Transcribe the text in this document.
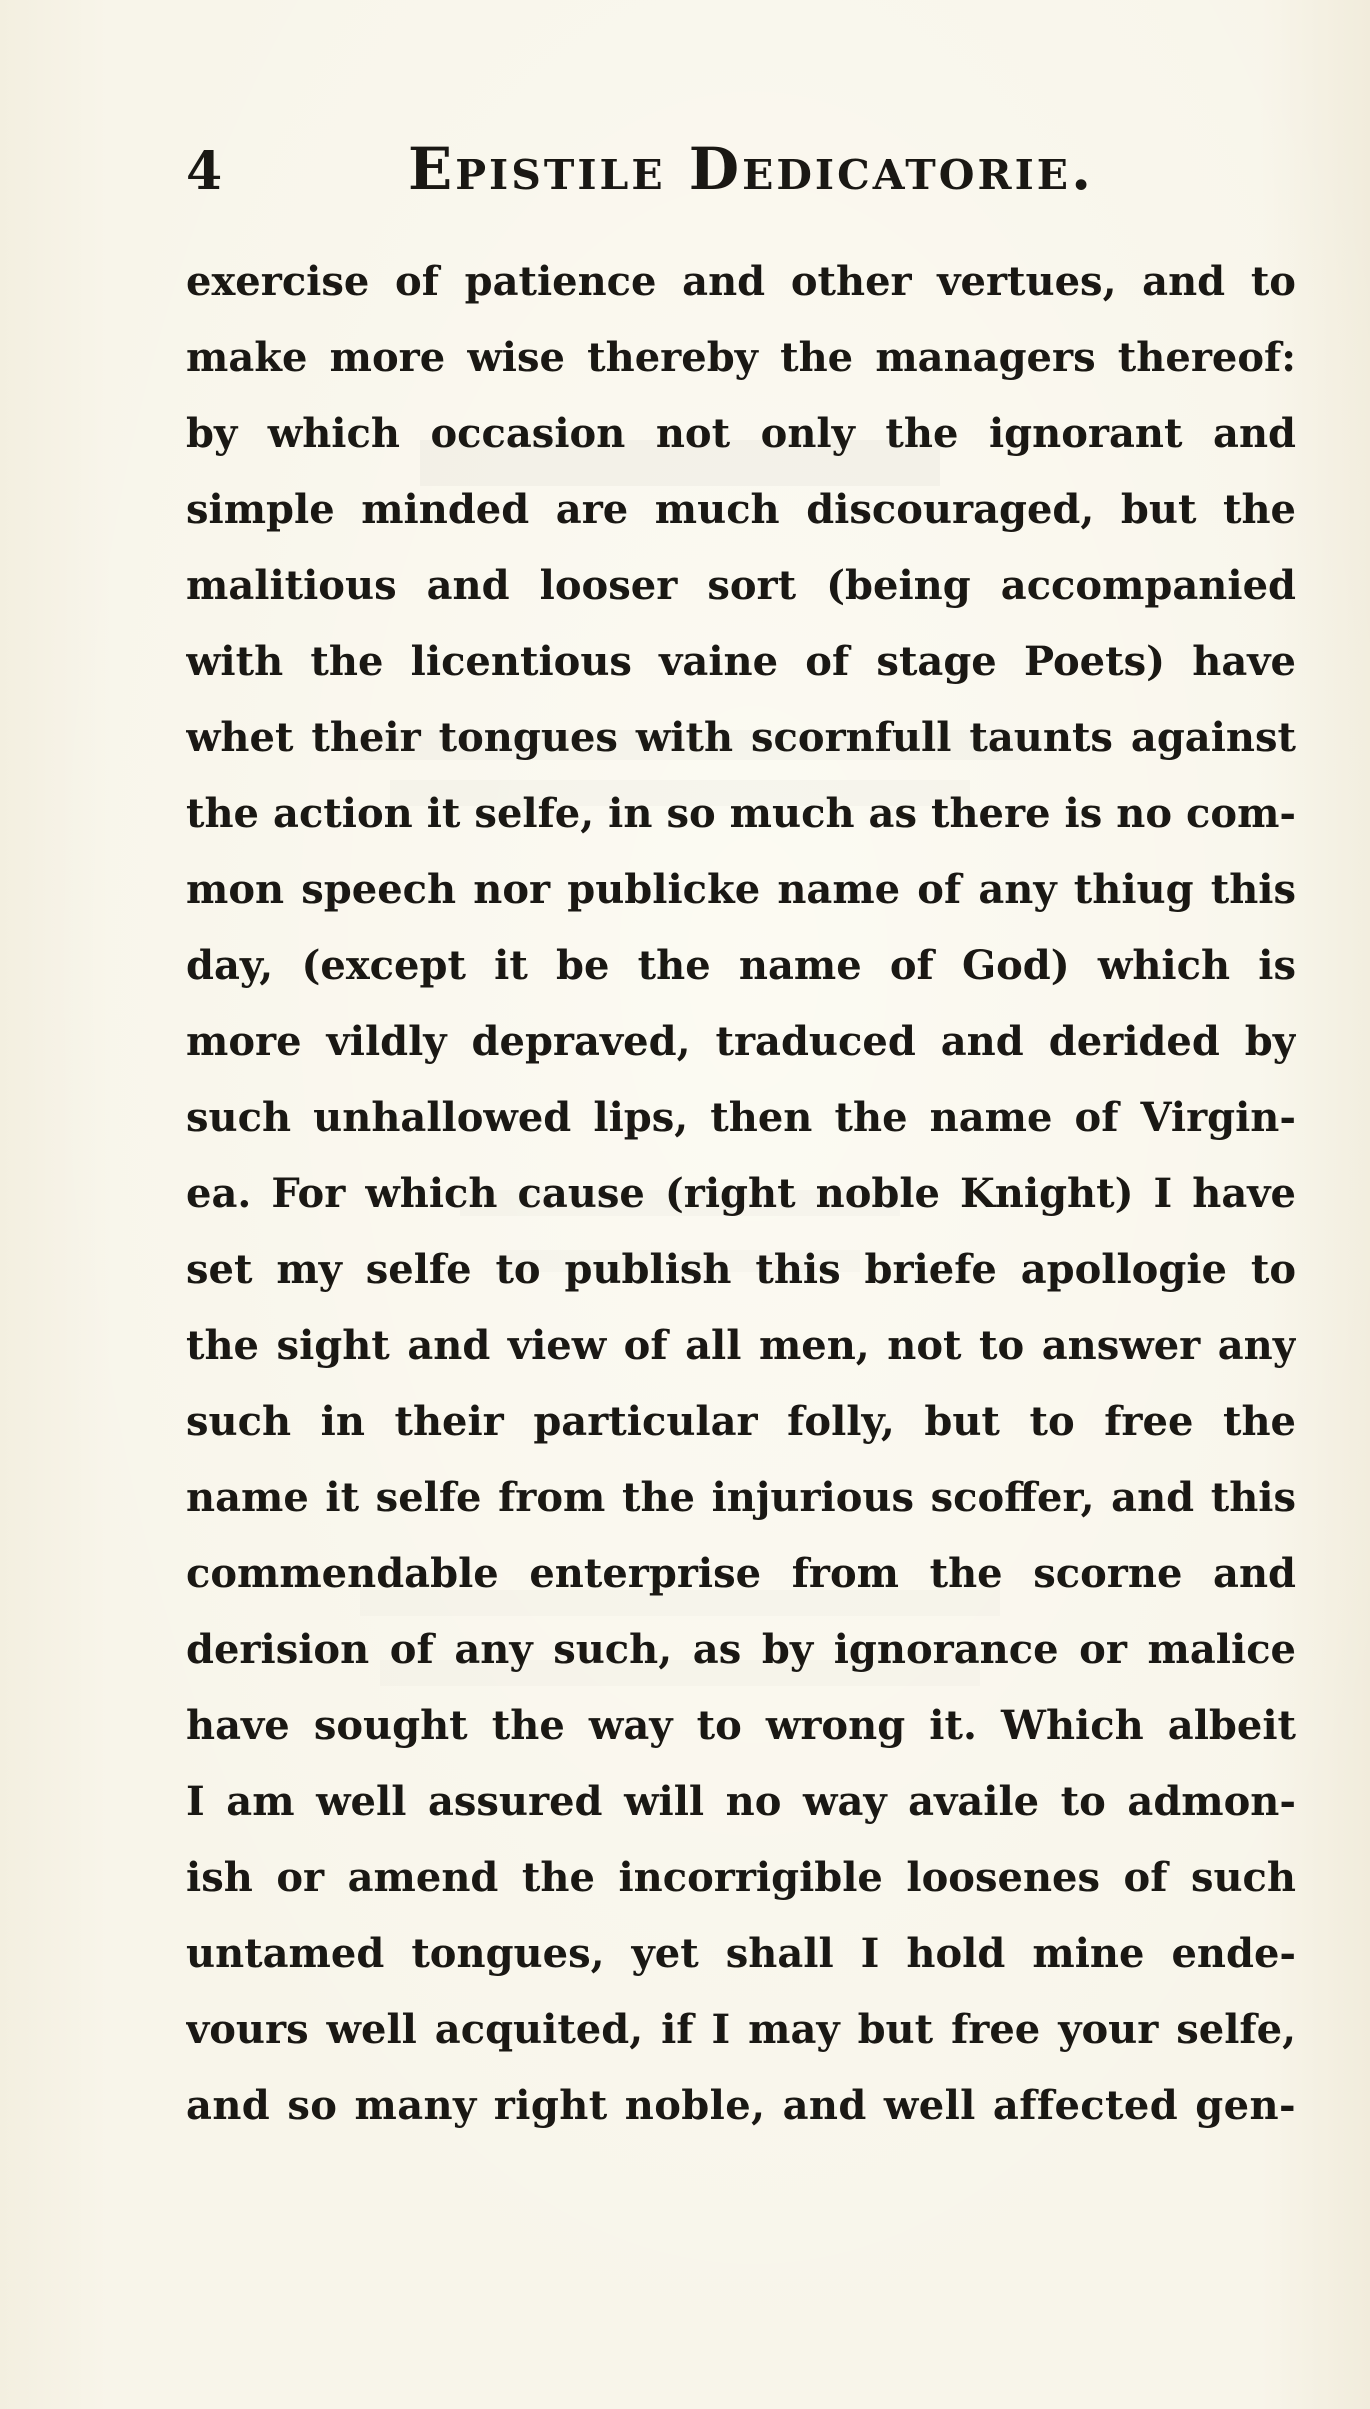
4	Epistile Dedicatorie.
exercise of patience and other vertues, and to
make more wise thereby the managers thereof:
by which occasion not only the ignorant and
simple minded are much discouraged, but the
malitious and looser sort (being accompanied
with the licentious vaine of stage Poets) have
whet their tongues with scornfull taunts against
the action it selfe, in so much as there is no com-
mon speech nor publicke name of any thiug this
day, (except it be the name of God) which is
more vildly depraved, traduced and derided by
such unhallowed lips, then the name of Virgin-
ea. For which cause (right noble Knight) I have
set my selfe to publish this briefe apollogie to
the sight and view of all men, not to answer any
such in their particular folly, but to free the
name it selfe from the injurious scoffer, and this
commendable enterprise from the scorne and
derision of any such, as by ignorance or malice
have sought the way to wrong it. Which albeit
I am well assured will no way availe to admon-
ish or amend the incorrigible loosenes of such
untamed tongues, yet shall I hold mine ende-
vours well acquited, if I may but free your selfe,
and so many right noble, and well affected gen-
